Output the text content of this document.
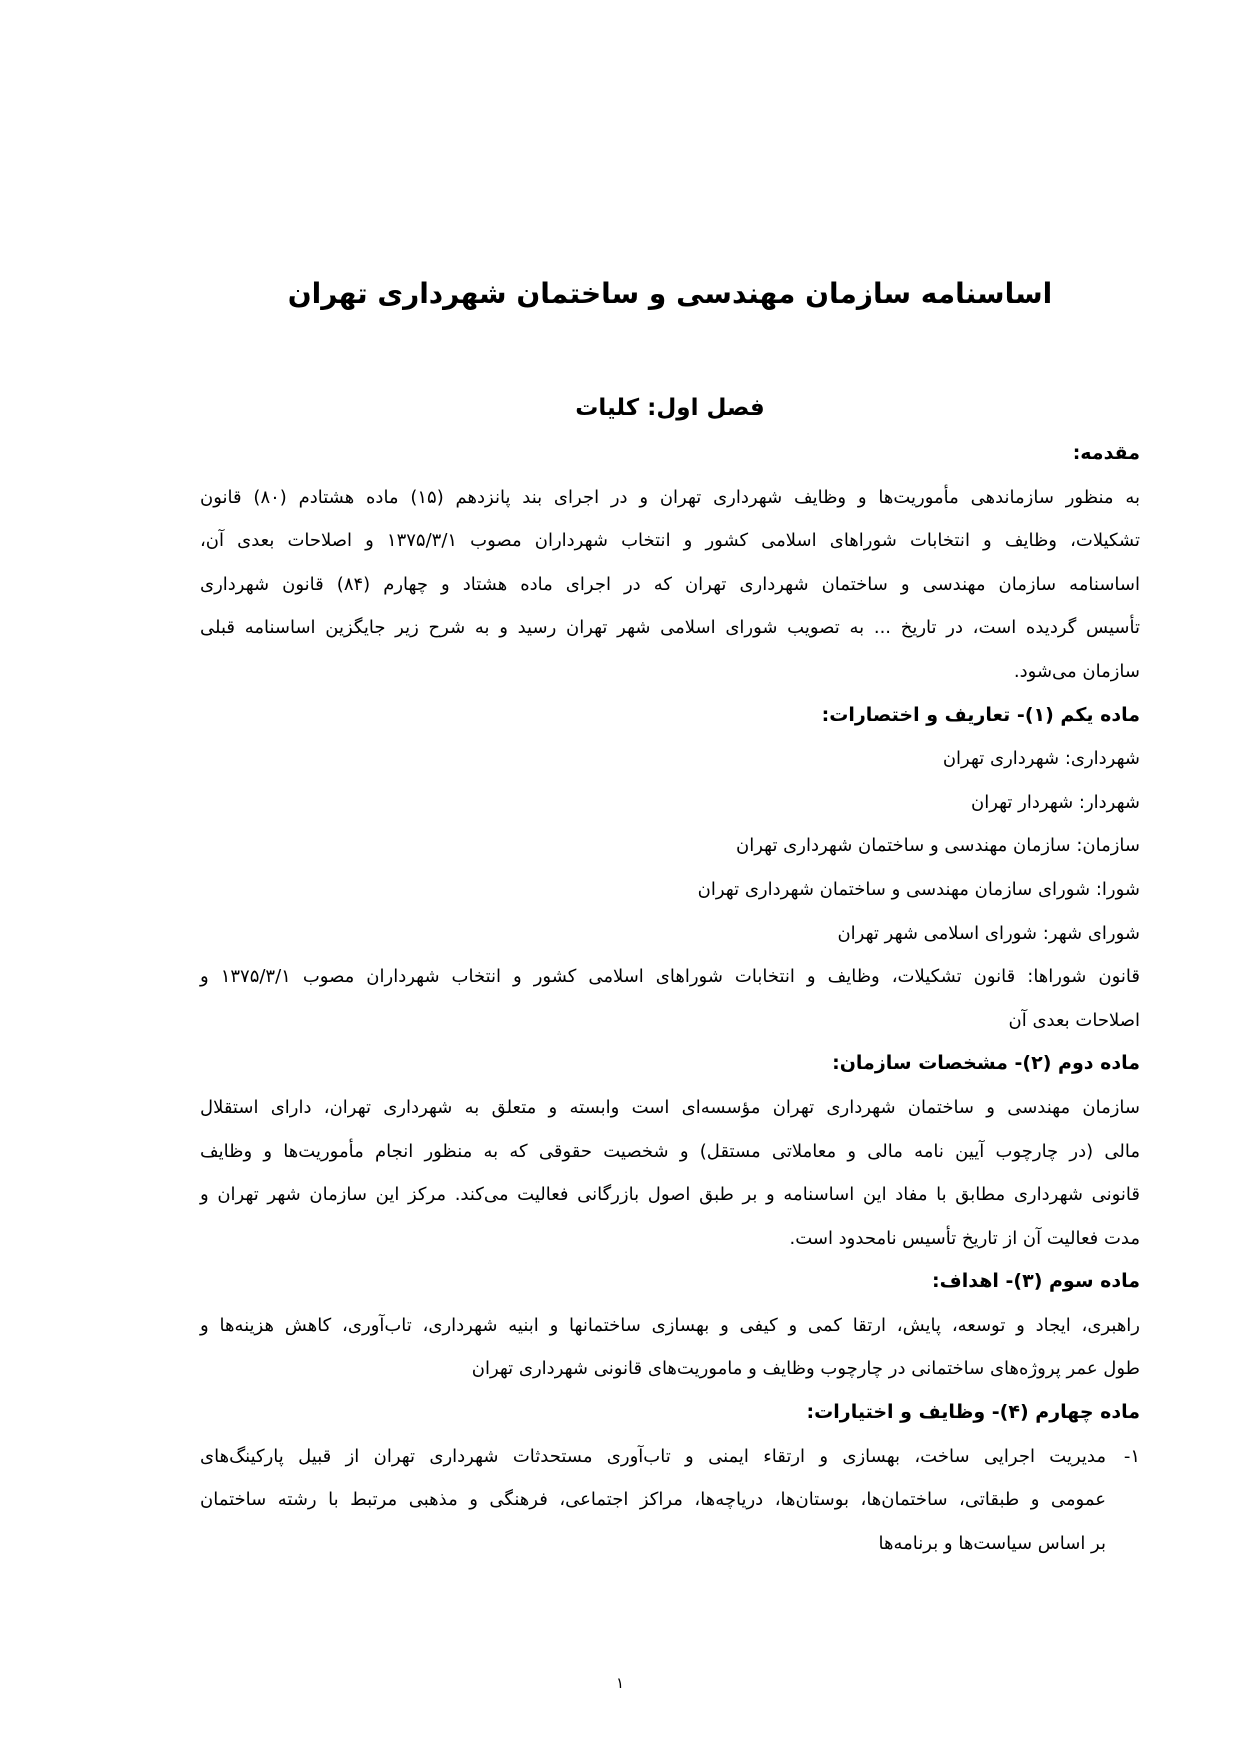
اساسنامه سازمان مهندسی و ساختمان شهرداری تهران
فصل اول: کلیات
مقدمه:
به منظور سازماندهی مأموریت‌ها و وظایف شهرداری تهران و در اجرای بند پانزدهم (۱۵) ماده هشتادم (۸۰) قانون
تشکیلات، وظایف و انتخابات شوراهای اسلامی کشور و انتخاب شهرداران مصوب ۱۳۷۵/۳/۱ و اصلاحات بعدی آن،
اساسنامه سازمان مهندسی و ساختمان شهرداری تهران که در اجرای ماده هشتاد و چهارم (۸۴) قانون شهرداری
تأسیس گردیده است، در تاریخ ... به تصویب شورای اسلامی شهر تهران رسید و به شرح زیر جایگزین اساسنامه قبلی
سازمان می‌شود.
ماده یکم (۱)- تعاریف و اختصارات:
شهرداری: شهرداری تهران
شهردار: شهردار تهران
سازمان: سازمان مهندسی و ساختمان شهرداری تهران
شورا: شورای سازمان مهندسی و ساختمان شهرداری تهران
شورای شهر: شورای اسلامی شهر تهران
قانون شوراها: قانون تشکیلات، وظایف و انتخابات شوراهای اسلامی کشور و انتخاب شهرداران مصوب ۱۳۷۵/۳/۱ و
اصلاحات بعدی آن
ماده دوم (۲)- مشخصات سازمان:
سازمان مهندسی و ساختمان شهرداری تهران مؤسسه‌ای است وابسته و متعلق به شهرداری تهران، دارای استقلال
مالی (در چارچوب آیین نامه مالی و معاملاتی مستقل) و شخصیت حقوقی که به منظور انجام مأموریت‌ها و وظایف
قانونی شهرداری مطابق با مفاد این اساسنامه و بر طبق اصول بازرگانی فعالیت می‌کند. مرکز این سازمان شهر تهران و
مدت فعالیت آن از تاریخ تأسیس نامحدود است.
ماده سوم (۳)- اهداف:
راهبری، ایجاد و توسعه، پایش، ارتقا کمی و کیفی و بهسازی ساختمانها و ابنیه شهرداری، تاب‌آوری، کاهش هزینه‌ها و
طول عمر پروژه‌های ساختمانی در چارچوب وظایف و ماموریت‌های قانونی شهرداری تهران
ماده چهارم (۴)- وظایف و اختیارات:
۱-
مدیریت اجرایی ساخت، بهسازی و ارتقاء ایمنی و تاب‌آوری مستحدثات شهرداری تهران از قبیل پارکینگ‌های
عمومی و طبقاتی، ساختمان‌ها، بوستان‌ها، دریاچه‌ها، مراکز اجتماعی، فرهنگی و مذهبی مرتبط با رشته ساختمان
بر اساس سیاست‌ها و برنامه‌ها
۱
